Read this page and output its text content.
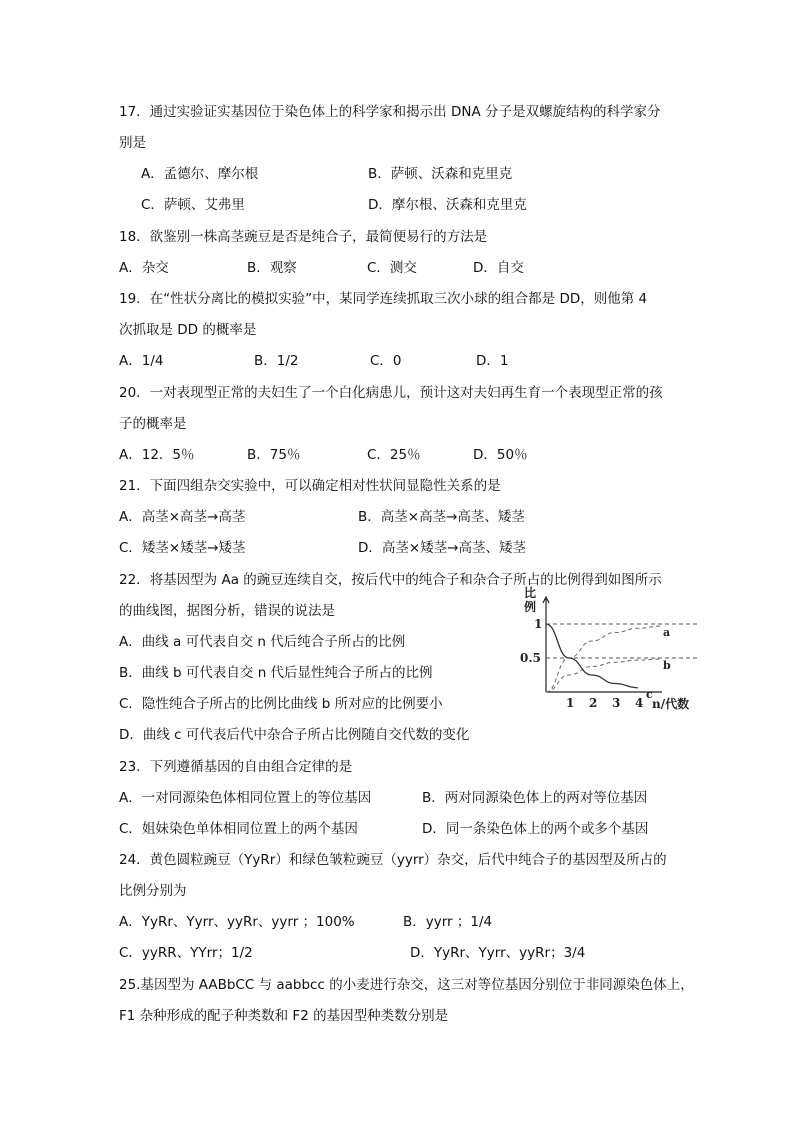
17．通过实验证实基因位于染色体上的科学家和揭示出 DNA 分子是双螺旋结构的科学家分
别是
A．孟德尔、摩尔根	B．萨顿、沃森和克里克
C．萨顿、艾弗里	D．摩尔根、沃森和克里克
18．欲鉴别一株高茎豌豆是否是纯合子，最简便易行的方法是
A．杂交	B．观察	C．测交	D．自交
19．在“性状分离比的模拟实验”中，某同学连续抓取三次小球的组合都是 DD，则他第 4
次抓取是 DD 的概率是
A．1/4	B．1/2	C．0	D．1
20．一对表现型正常的夫妇生了一个白化病患儿，预计这对夫妇再生育一个表现型正常的孩
子的概率是
A．12．5％	B．75％	C．25％	D．50％
21．下面四组杂交实验中，可以确定相对性状间显隐性关系的是
A．高茎×高茎→高茎	B．高茎×高茎→高茎、矮茎
C．矮茎×矮茎→矮茎	D．高茎×矮茎→高茎、矮茎
22．将基因型为 Aa 的豌豆连续自交，按后代中的纯合子和杂合子所占的比例得到如图所示
的曲线图，据图分析，错误的说法是
A．曲线 a 可代表自交 n 代后纯合子所占的比例
B．曲线 b 可代表自交 n 代后显性纯合子所占的比例
C．隐性纯合子所占的比例比曲线 b 所对应的比例要小
D．曲线 c 可代表后代中杂合子所占比例随自交代数的变化
a
b
c
1 2 3 4
0.5
1
比
例
n/代数
23．下列遵循基因的自由组合定律的是
A．一对同源染色体相同位置上的等位基因	B．两对同源染色体上的两对等位基因
C．姐妹染色单体相同位置上的两个基因	D．同一条染色体上的两个或多个基因
24．黄色圆粒豌豆（YyRr）和绿色皱粒豌豆（yyrr）杂交，后代中纯合子的基因型及所占的
比例分别为
A．YyRr、Yyrr、yyRr、yyrr ；100%	B．yyrr ；1/4
C．yyRR、YYrr；1/2	D．YyRr、Yyrr、yyRr；3/4
25.基因型为 AABbCC 与 aabbcc 的小麦进行杂交，这三对等位基因分别位于非同源染色体上，
F1 杂种形成的配子种类数和 F2 的基因型种类数分别是
